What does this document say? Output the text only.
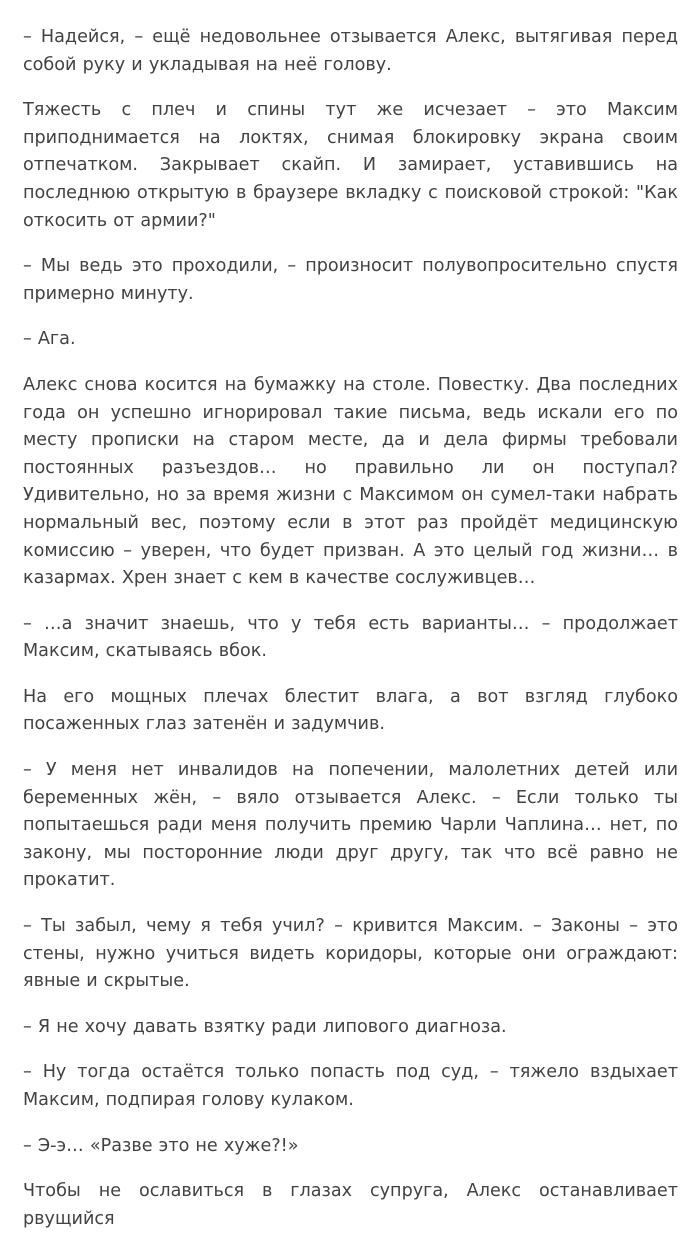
– Надейся, – ещё недовольнее отзывается Алекс, вытягивая перед собой руку и укладывая на неё голову.

Тяжесть с плеч и спины тут же исчезает – это Максим приподнимается на локтях, снимая блокировку экрана своим отпечатком. Закрывает скайп. И замирает, уставившись на последнюю открытую в браузере вкладку с поисковой строкой: "Как откосить от армии?"

– Мы ведь это проходили, – произносит полувопросительно спустя примерно минуту.

– Ага.

Алекс снова косится на бумажку на столе. Повестку. Два последних года он успешно игнорировал такие письма, ведь искали его по месту прописки на старом месте, да и дела фирмы требовали постоянных разъездов… но правильно ли он поступал? Удивительно, но за время жизни с Максимом он сумел-таки набрать нормальный вес, поэтому если в этот раз пройдёт медицинскую комиссию – уверен, что будет призван. А это целый год жизни… в казармах. Хрен знает с кем в качестве сослуживцев…

– …а значит знаешь, что у тебя есть варианты… – продолжает Максим, скатываясь вбок.

На его мощных плечах блестит влага, а вот взгляд глубоко посаженных глаз затенён и задумчив.

– У меня нет инвалидов на попечении, малолетних детей или беременных жён, – вяло отзывается Алекс. – Если только ты попытаешься ради меня получить премию Чарли Чаплина… нет, по закону, мы посторонние люди друг другу, так что всё равно не прокатит.

– Ты забыл, чему я тебя учил? – кривится Максим. – Законы – это стены, нужно учиться видеть коридоры, которые они ограждают: явные и скрытые.

– Я не хочу давать взятку ради липового диагноза.

– Ну тогда остаётся только попасть под суд, – тяжело вздыхает Максим, подпирая голову кулаком.

– Э-э… «Разве это не хуже?!»

Чтобы не ославиться в глазах супруга, Алекс останавливает рвущийся
